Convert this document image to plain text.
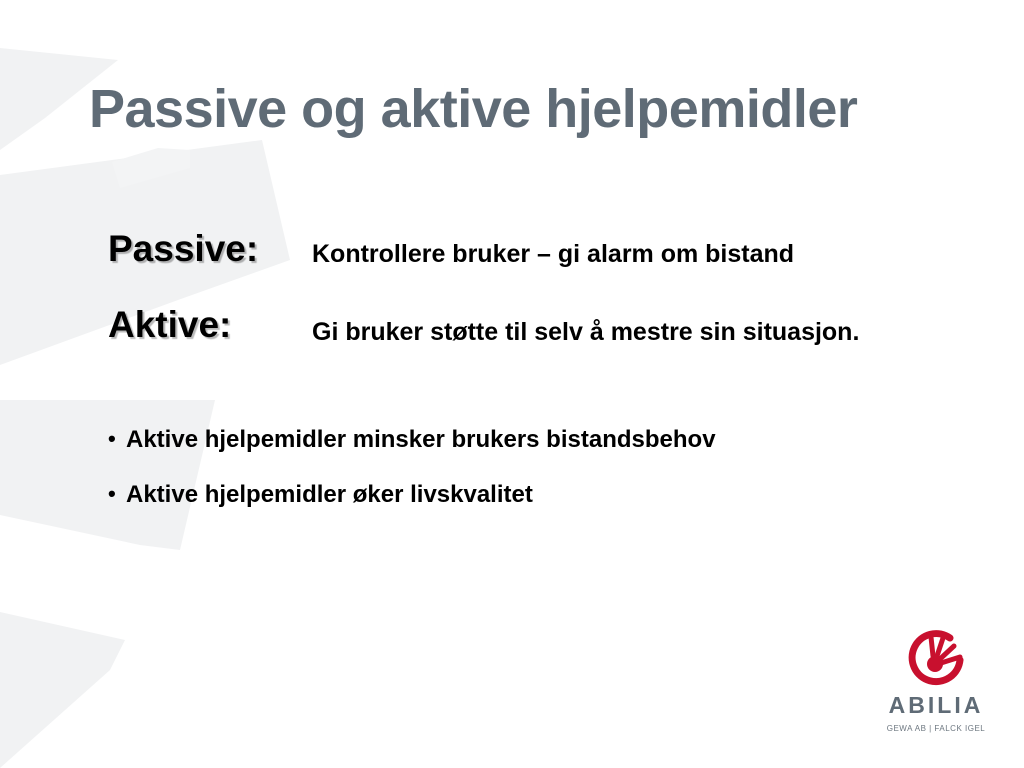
Passive og aktive hjelpemidler
Passive: Kontrollere bruker – gi alarm om bistand
Aktive:	Gi bruker støtte til selv å mestre sin situasjon.
• Aktive hjelpemidler minsker brukers bistandsbehov
• Aktive hjelpemidler øker livskvalitet
ABILIA
GEWA AB | FALCK IGEL
